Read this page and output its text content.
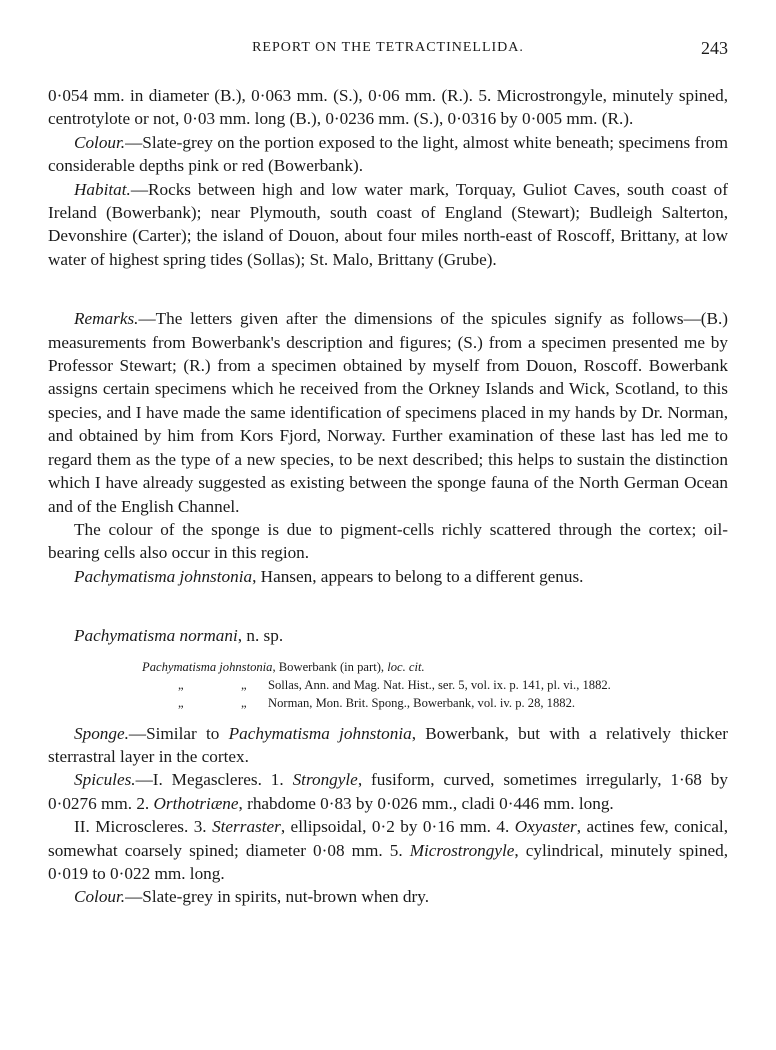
REPORT ON THE TETRACTINELLIDA.	243

0·054 mm. in diameter (B.), 0·063 mm. (S.), 0·06 mm. (R.). 5. Microstrongyle, minutely spined, centrotylote or not, 0·03 mm. long (B.), 0·0236 mm. (S.), 0·0316 by 0·005 mm. (R.).

Colour.—Slate-grey on the portion exposed to the light, almost white beneath; specimens from considerable depths pink or red (Bowerbank).

Habitat.—Rocks between high and low water mark, Torquay, Guliot Caves, south coast of Ireland (Bowerbank); near Plymouth, south coast of England (Stewart); Budleigh Salterton, Devonshire (Carter); the island of Douon, about four miles north-east of Roscoff, Brittany, at low water of highest spring tides (Sollas); St. Malo, Brittany (Grube).

Remarks.—The letters given after the dimensions of the spicules signify as follows—(B.) measurements from Bowerbank's description and figures; (S.) from a specimen presented me by Professor Stewart; (R.) from a specimen obtained by myself from Douon, Roscoff. Bowerbank assigns certain specimens which he received from the Orkney Islands and Wick, Scotland, to this species, and I have made the same identification of specimens placed in my hands by Dr. Norman, and obtained by him from Kors Fjord, Norway. Further examination of these last has led me to regard them as the type of a new species, to be next described; this helps to sustain the distinction which I have already suggested as existing between the sponge fauna of the North German Ocean and of the English Channel.

The colour of the sponge is due to pigment-cells richly scattered through the cortex; oil-bearing cells also occur in this region.

Pachymatisma johnstonia, Hansen, appears to belong to a different genus.

Pachymatisma normani, n. sp.

Pachymatisma johnstonia, Bowerbank (in part), loc. cit.
„	„	Sollas, Ann. and Mag. Nat. Hist., ser. 5, vol. ix. p. 141, pl. vi., 1882.
„	„	Norman, Mon. Brit. Spong., Bowerbank, vol. iv. p. 28, 1882.

Sponge.—Similar to Pachymatisma johnstonia, Bowerbank, but with a relatively thicker sterrastral layer in the cortex.

Spicules.—I. Megascleres. 1. Strongyle, fusiform, curved, sometimes irregularly, 1·68 by 0·0276 mm. 2. Orthotriæne, rhabdome 0·83 by 0·026 mm., cladi 0·446 mm. long.

II. Microscleres. 3. Sterraster, ellipsoidal, 0·2 by 0·16 mm. 4. Oxyaster, actines few, conical, somewhat coarsely spined; diameter 0·08 mm. 5. Microstrongyle, cylindrical, minutely spined, 0·019 to 0·022 mm. long.

Colour.—Slate-grey in spirits, nut-brown when dry.
